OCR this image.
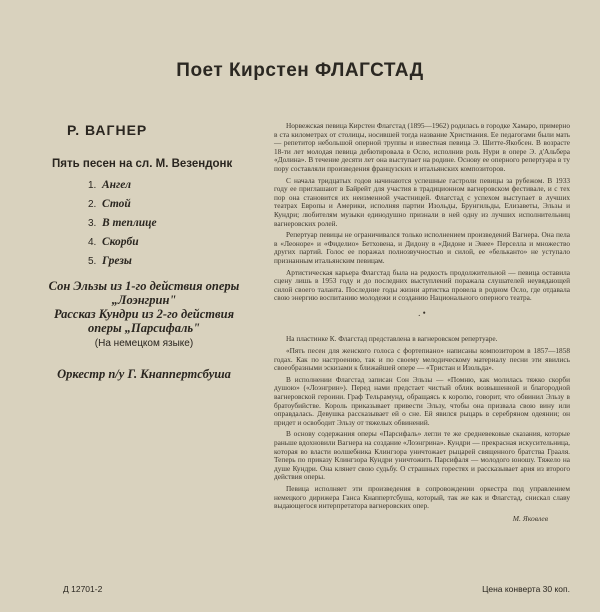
Поет Кирстен ФЛАГСТАД
Р. ВАГНЕР
Пять песен на сл. М. Везендонк
1. Ангел
2. Стой
3. В теплице
4. Скорби
5. Грезы
Сон Эльзы из 1-го действия оперы
„Лоэнгрин"
Рассказ Кундри из 2-го действия
оперы „Парсифаль"
(На немецком языке)
Оркестр п/у Г. Кнаппертсбуша

Норвежская певица Кирстен Флагстад (1895—1962) родилась в городке Хамаро, примерно в ста километрах от столицы, носившей тогда название Христиания. Ее педагогами были мать — репетитор небольшой оперной труппы и известная певица Э. Шитте-Якобсен. В возрасте 18-ти лет молодая певица дебютировала в Осло, исполнив роль Нури в опере Э. д'Альбера «Долина». В течение десяти лет она выступает на родине. Основу ее оперного репертуара в ту пору составляли произведения французских и итальянских композиторов.

С начала тридцатых годов начинаются успешные гастроли певицы за рубежом. В 1933 году ее приглашают в Байрейт для участия в традиционном вагнеровском фестивале, и с тех пор она становится их неизменной участницей. Флагстад с успехом выступает в лучших театрах Европы и Америки, исполняя партии Изольды, Брунгильды, Елизаветы, Эльзы и Кундри; любителям музыки единодушно признали в ней одну из лучших исполнительниц вагнеровских ролей.

Репертуар певицы не ограничивался только исполнением произведений Вагнера. Она пела в «Леоноре» и «Фиделио» Бетховена, и Дидону в «Дидоне и Энее» Перселла и множество других партий. Голос ее поражал полнозвучностью и силой, ее «бельканто» не уступало признанным итальянским певицам.

Артистическая карьера Флагстад была на редкость продолжительной — певица оставила сцену лишь в 1953 году и до последних выступлений поражала слушателей неувядающей силой своего таланта. Последние годы жизни артистка провела в родном Осло, где отдавала свою энергию воспитанию молодежи и созданию Национального оперного театра.

. •

На пластинке К. Флагстад представлена в вагнеровском репертуаре.

«Пять песен для женского голоса с фортепиано» написаны композитором в 1857—1858 годах. Как по настроению, так и по своему мелодическому материалу песни эти явились своеобразными эскизами к ближайшей опере — «Тристан и Изольда».

В исполнении Флагстад записан Сон Эльзы — «Помню, как молилась тяжко скорби душою» («Лоэнгрин»). Перед нами предстает чистый облик возвышенной и благородной вагнеровской героини. Граф Тельрамунд, обращаясь к королю, говорит, что обвинил Эльзу в братоубийстве. Король приказывает привести Эльзу, чтобы она призвала свою вину или оправдалась. Девушка рассказывает ей о сне. Ей явился рыцарь в серебряном одеянии; он придет и освободит Эльзу от тяжелых обвинений.

В основу содержания оперы «Парсифаль» легли те же средневековые сказания, которые раньше вдохновили Вагнера на создание «Лоэнгрина». Кундри — прекрасная искусительница, которая во власти волшебника Клингзора уничтожает рыцарей священного братства Грааля. Теперь по приказу Клингзора Кундри уничтожить Парсифаля — молодого юношу. Тяжело на душе Кундри. Она клянет свою судьбу. О страшных горестях и рассказывает ария из второго действия оперы.

Певица исполняет эти произведения в сопровождении оркестра под управлением немецкого дирижера Ганса Кнаппертсбуша, который, так же как и Флагстад, снискал славу выдающегося интерпретатора вагнеровских опер.

М. Яковлев
Д 12701-2	Цена конверта 30 коп.
